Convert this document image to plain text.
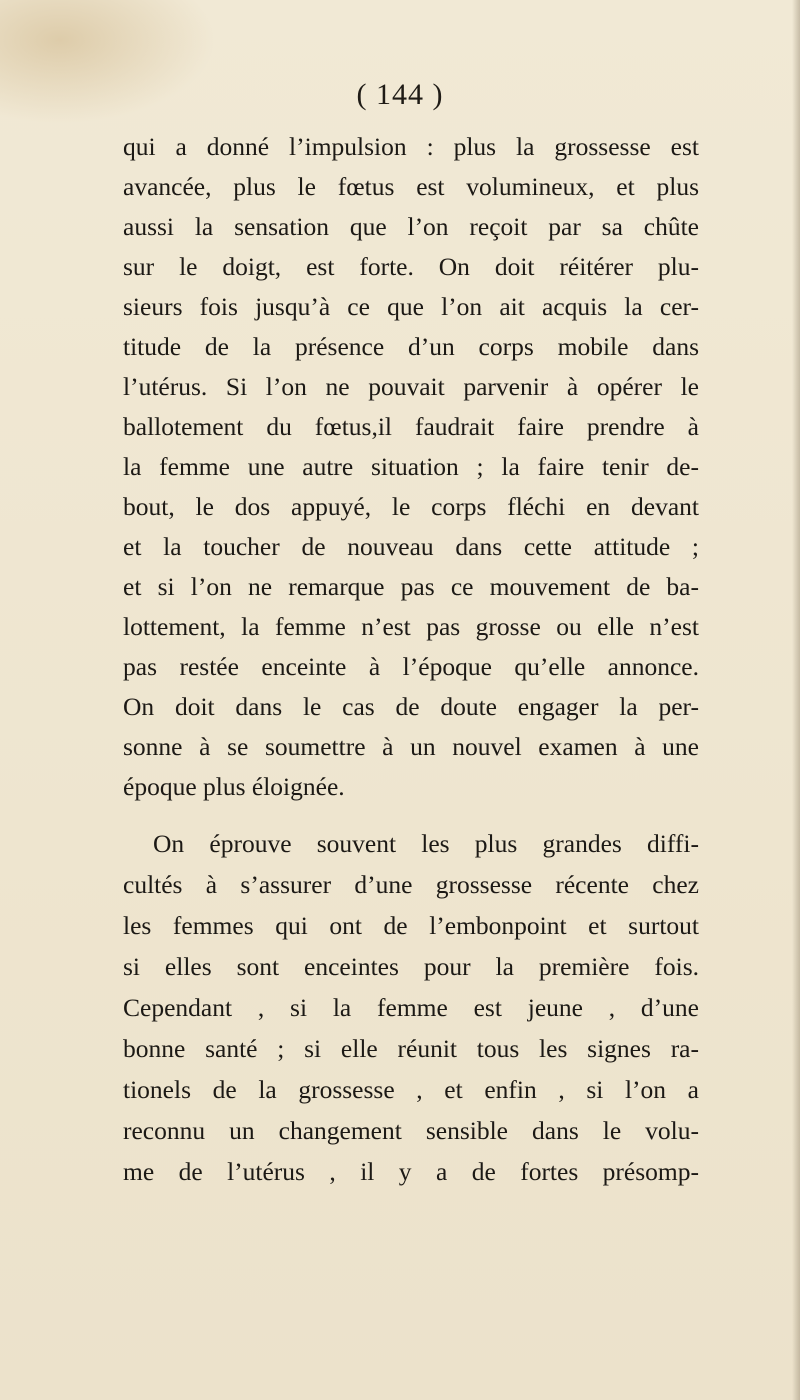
( 144 )
qui a donné l’impulsion : plus la grossesse est
avancée, plus le fœtus est volumineux, et plus
aussi la sensation que l’on reçoit par sa chûte
sur le doigt, est forte. On doit réitérer plu-
sieurs fois jusqu’à ce que l’on ait acquis la cer-
titude de la présence d’un corps mobile dans
l’utérus. Si l’on ne pouvait parvenir à opérer le
ballotement du fœtus,il faudrait faire prendre à
la femme une autre situation ; la faire tenir de-
bout, le dos appuyé, le corps fléchi en devant
et la toucher de nouveau dans cette attitude ;
et si l’on ne remarque pas ce mouvement de ba-
lottement, la femme n’est pas grosse ou elle n’est
pas restée enceinte à l’époque qu’elle annonce.
On doit dans le cas de doute engager la per-
sonne à se soumettre à un nouvel examen à une
époque plus éloignée.
On éprouve souvent les plus grandes diffi-
cultés à s’assurer d’une grossesse récente chez
les femmes qui ont de l’embonpoint et surtout
si elles sont enceintes pour la première fois.
Cependant , si la femme est jeune , d’une
bonne santé ; si elle réunit tous les signes ra-
tionels de la grossesse , et enfin , si l’on a
reconnu un changement sensible dans le volu-
me de l’utérus , il y a de fortes présomp-
